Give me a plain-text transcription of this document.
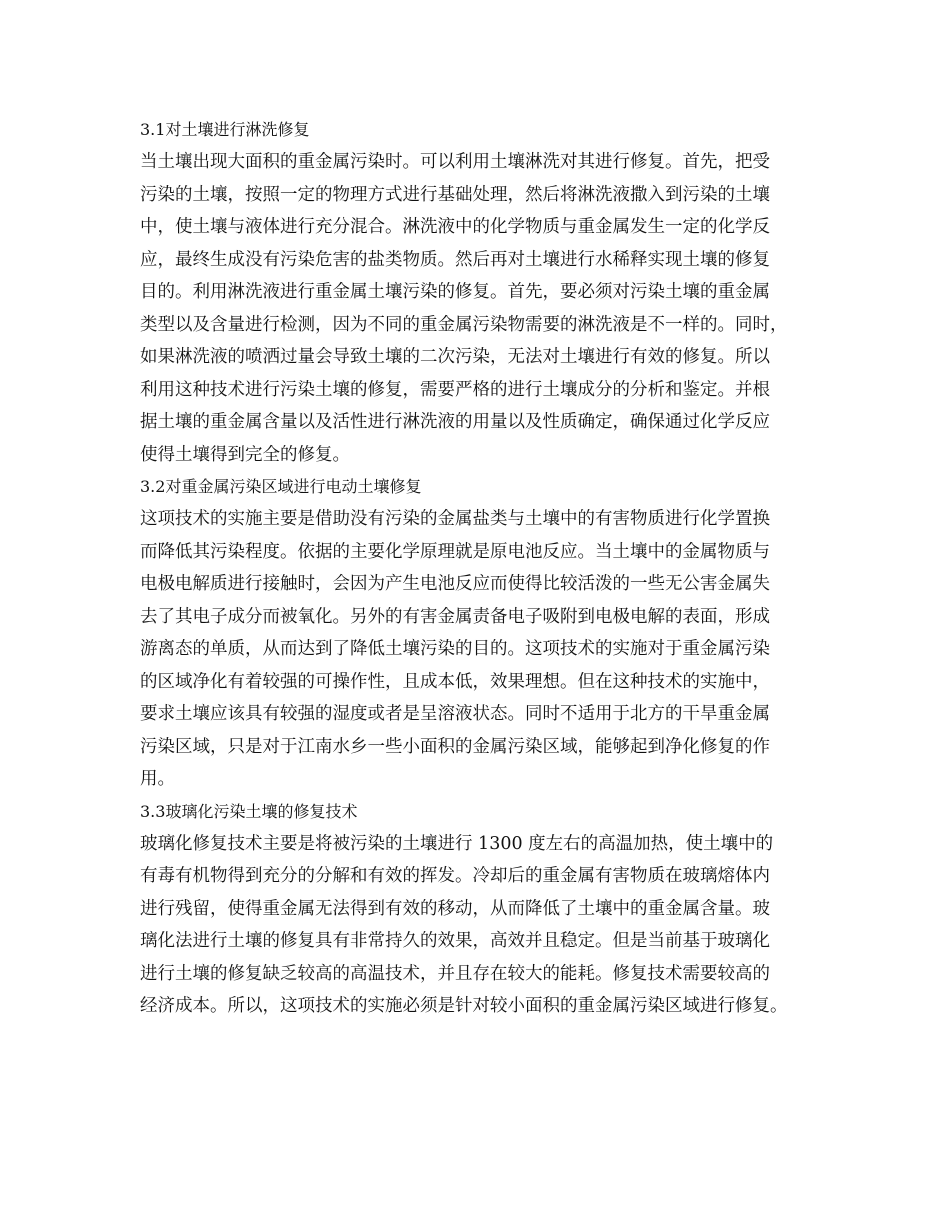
3.1对土壤进行淋洗修复

当土壤出现大面积的重金属污染时。可以利用土壤淋洗对其进行修复。首先，把受

污染的土壤，按照一定的物理方式进行基础处理，然后将淋洗液撒入到污染的土壤

中，使土壤与液体进行充分混合。淋洗液中的化学物质与重金属发生一定的化学反

应，最终生成没有污染危害的盐类物质。然后再对土壤进行水稀释实现土壤的修复

目的。利用淋洗液进行重金属土壤污染的修复。首先，要必须对污染土壤的重金属

类型以及含量进行检测，因为不同的重金属污染物需要的淋洗液是不一样的。同时，

如果淋洗液的喷洒过量会导致土壤的二次污染，无法对土壤进行有效的修复。所以

利用这种技术进行污染土壤的修复，需要严格的进行土壤成分的分析和鉴定。并根

据土壤的重金属含量以及活性进行淋洗液的用量以及性质确定，确保通过化学反应

使得土壤得到完全的修复。

3.2对重金属污染区域进行电动土壤修复

这项技术的实施主要是借助没有污染的金属盐类与土壤中的有害物质进行化学置换

而降低其污染程度。依据的主要化学原理就是原电池反应。当土壤中的金属物质与

电极电解质进行接触时，会因为产生电池反应而使得比较活泼的一些无公害金属失

去了其电子成分而被氧化。另外的有害金属责备电子吸附到电极电解的表面，形成

游离态的单质，从而达到了降低土壤污染的目的。这项技术的实施对于重金属污染

的区域净化有着较强的可操作性，且成本低，效果理想。但在这种技术的实施中，

要求土壤应该具有较强的湿度或者是呈溶液状态。同时不适用于北方的干旱重金属

污染区域，只是对于江南水乡一些小面积的金属污染区域，能够起到净化修复的作

用。

3.3玻璃化污染土壤的修复技术

玻璃化修复技术主要是将被污染的土壤进行 1300 度左右的高温加热，使土壤中的

有毒有机物得到充分的分解和有效的挥发。冷却后的重金属有害物质在玻璃熔体内

进行残留，使得重金属无法得到有效的移动，从而降低了土壤中的重金属含量。玻

璃化法进行土壤的修复具有非常持久的效果，高效并且稳定。但是当前基于玻璃化

进行土壤的修复缺乏较高的高温技术，并且存在较大的能耗。修复技术需要较高的

经济成本。所以，这项技术的实施必须是针对较小面积的重金属污染区域进行修复。
